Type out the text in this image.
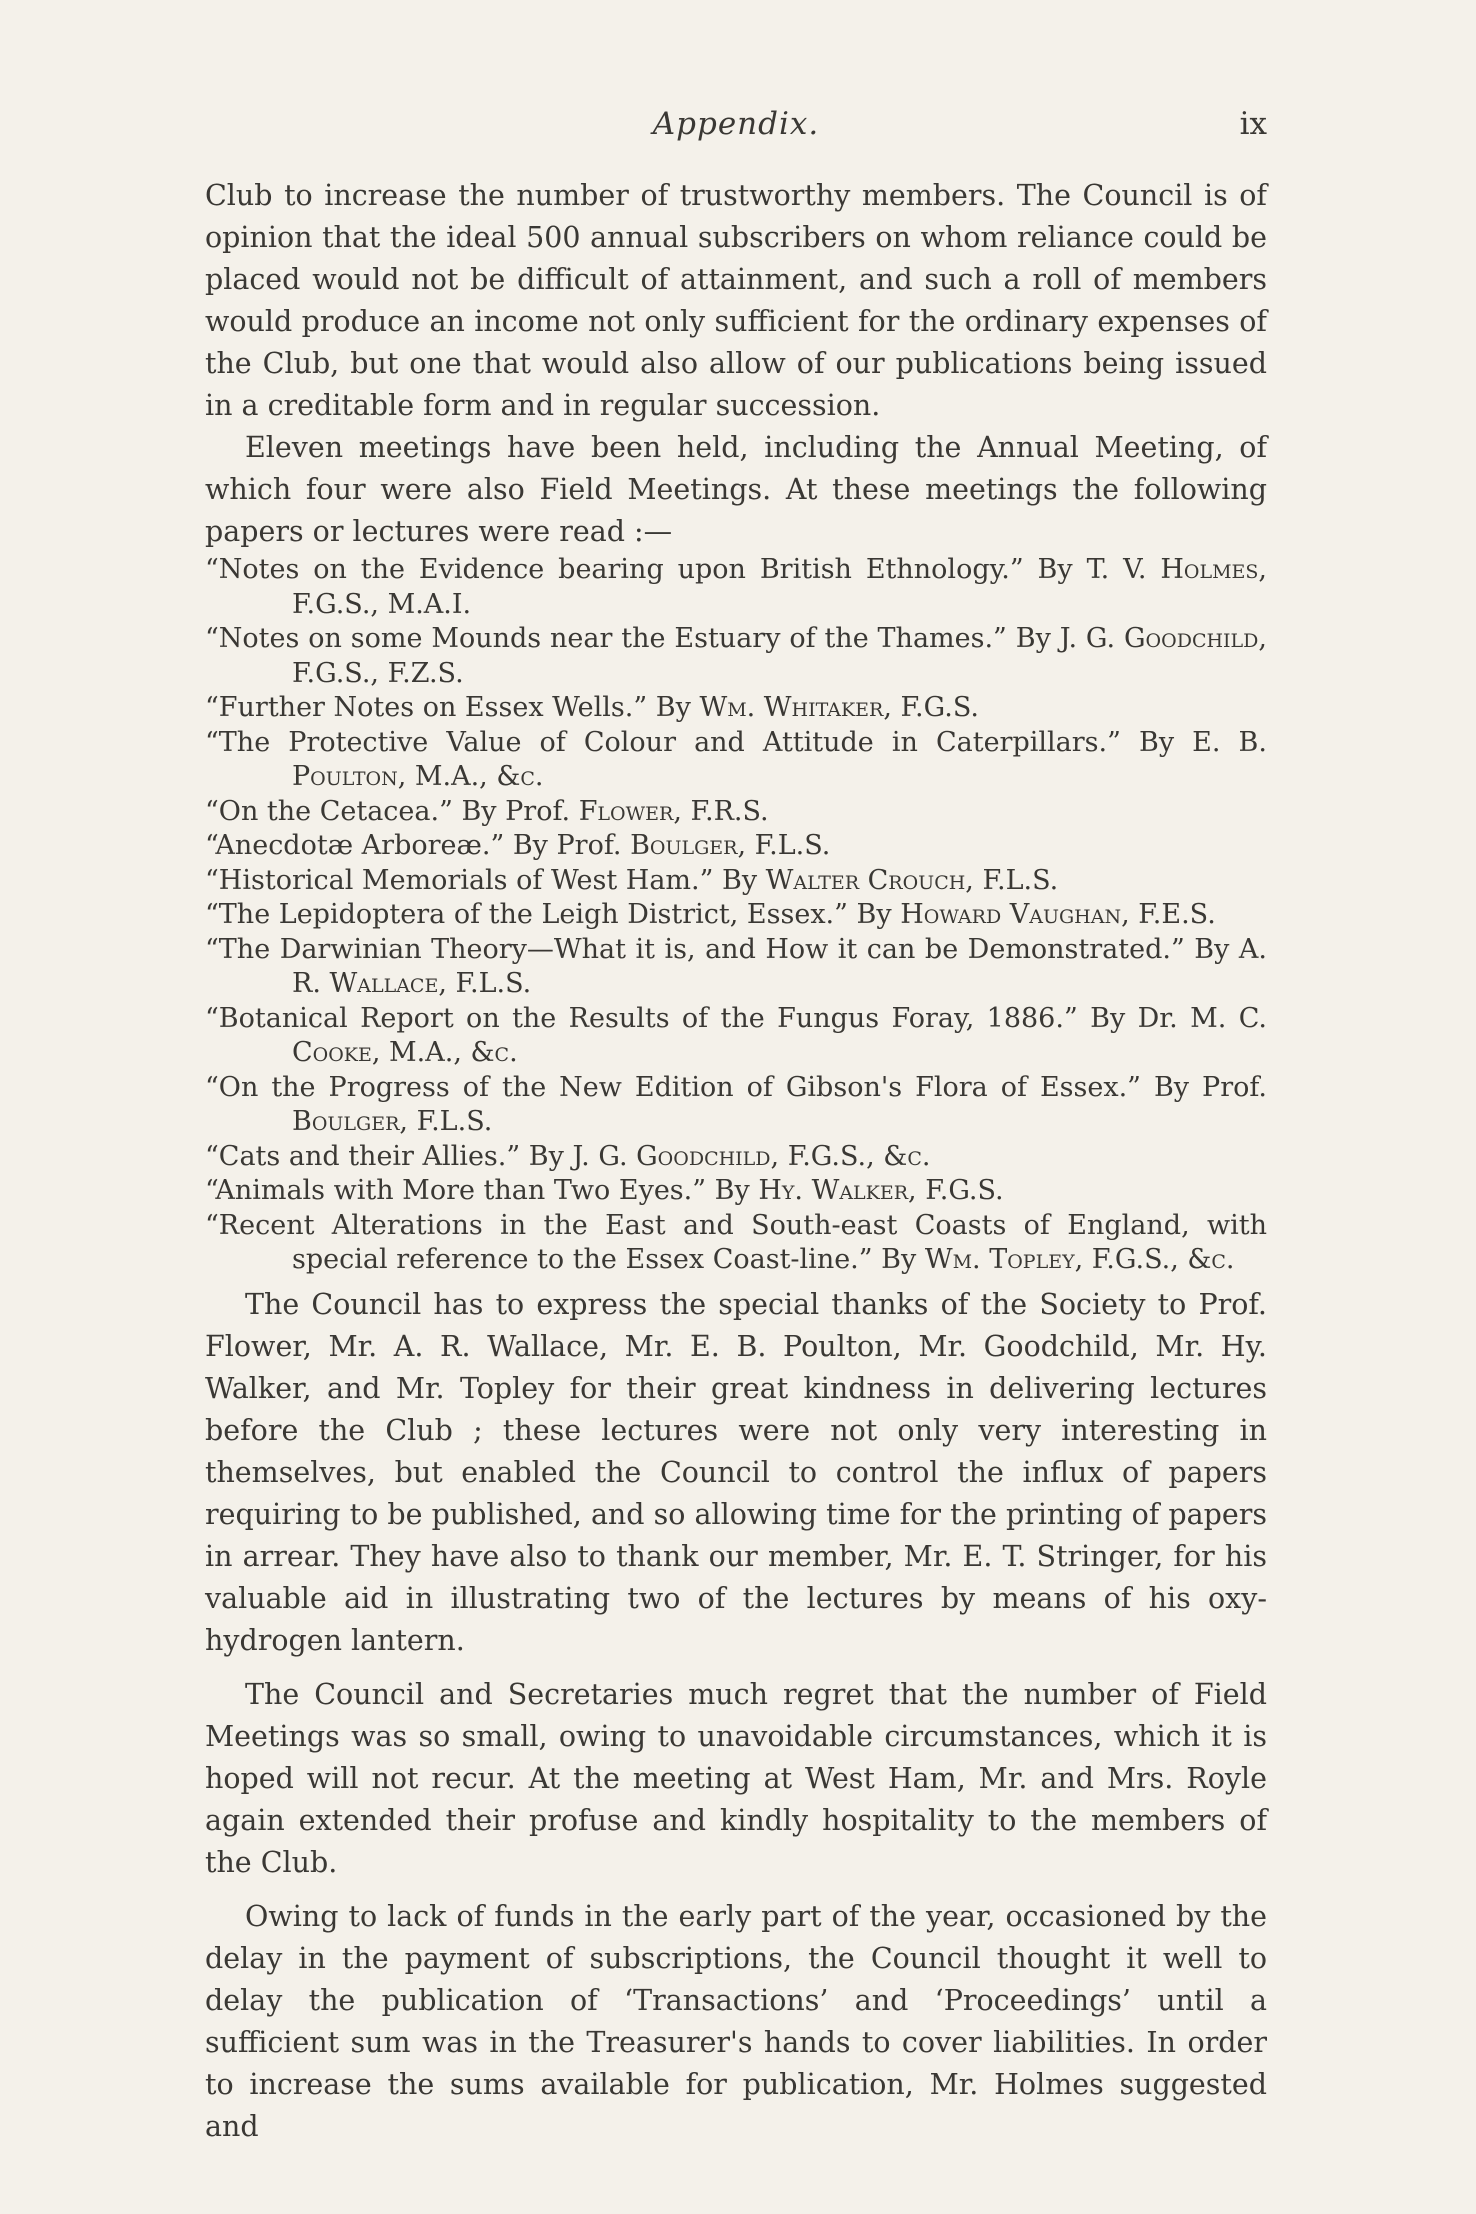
Appendix.	ix

Club to increase the number of trustworthy members. The Council is of opinion that the ideal 500 annual subscribers on whom reliance could be placed would not be difficult of attainment, and such a roll of members would produce an income not only sufficient for the ordinary expenses of the Club, but one that would also allow of our publications being issued in a creditable form and in regular succession.

Eleven meetings have been held, including the Annual Meeting, of which four were also Field Meetings. At these meetings the following papers or lectures were read :—

“Notes on the Evidence bearing upon British Ethnology.” By T. V. Holmes, F.G.S., M.A.I.
“Notes on some Mounds near the Estuary of the Thames.” By J. G. Goodchild, F.G.S., F.Z.S.
“Further Notes on Essex Wells.” By Wm. Whitaker, F.G.S.
“The Protective Value of Colour and Attitude in Caterpillars.” By E. B. Poulton, M.A., &c.
“On the Cetacea.” By Prof. Flower, F.R.S.
“Anecdotæ Arboreæ.” By Prof. Boulger, F.L.S.
“Historical Memorials of West Ham.” By Walter Crouch, F.L.S.
“The Lepidoptera of the Leigh District, Essex.” By Howard Vaughan, F.E.S.
“The Darwinian Theory—What it is, and How it can be Demonstrated.” By A. R. Wallace, F.L.S.
“Botanical Report on the Results of the Fungus Foray, 1886.” By Dr. M. C. Cooke, M.A., &c.
“On the Progress of the New Edition of Gibson's Flora of Essex.” By Prof. Boulger, F.L.S.
“Cats and their Allies.” By J. G. Goodchild, F.G.S., &c.
“Animals with More than Two Eyes.” By Hy. Walker, F.G.S.
“Recent Alterations in the East and South-east Coasts of England, with special reference to the Essex Coast-line.” By Wm. Topley, F.G.S., &c.

The Council has to express the special thanks of the Society to Prof. Flower, Mr. A. R. Wallace, Mr. E. B. Poulton, Mr. Goodchild, Mr. Hy. Walker, and Mr. Topley for their great kindness in delivering lectures before the Club ; these lectures were not only very interesting in themselves, but enabled the Council to control the influx of papers requiring to be published, and so allowing time for the printing of papers in arrear. They have also to thank our member, Mr. E. T. Stringer, for his valuable aid in illustrating two of the lectures by means of his oxy-hydrogen lantern.

The Council and Secretaries much regret that the number of Field Meetings was so small, owing to unavoidable circumstances, which it is hoped will not recur. At the meeting at West Ham, Mr. and Mrs. Royle again extended their profuse and kindly hospitality to the members of the Club.

Owing to lack of funds in the early part of the year, occasioned by the delay in the payment of subscriptions, the Council thought it well to delay the publication of ‘Transactions’ and ‘Proceedings’ until a sufficient sum was in the Treasurer's hands to cover liabilities. In order to increase the sums available for publication, Mr. Holmes suggested and
